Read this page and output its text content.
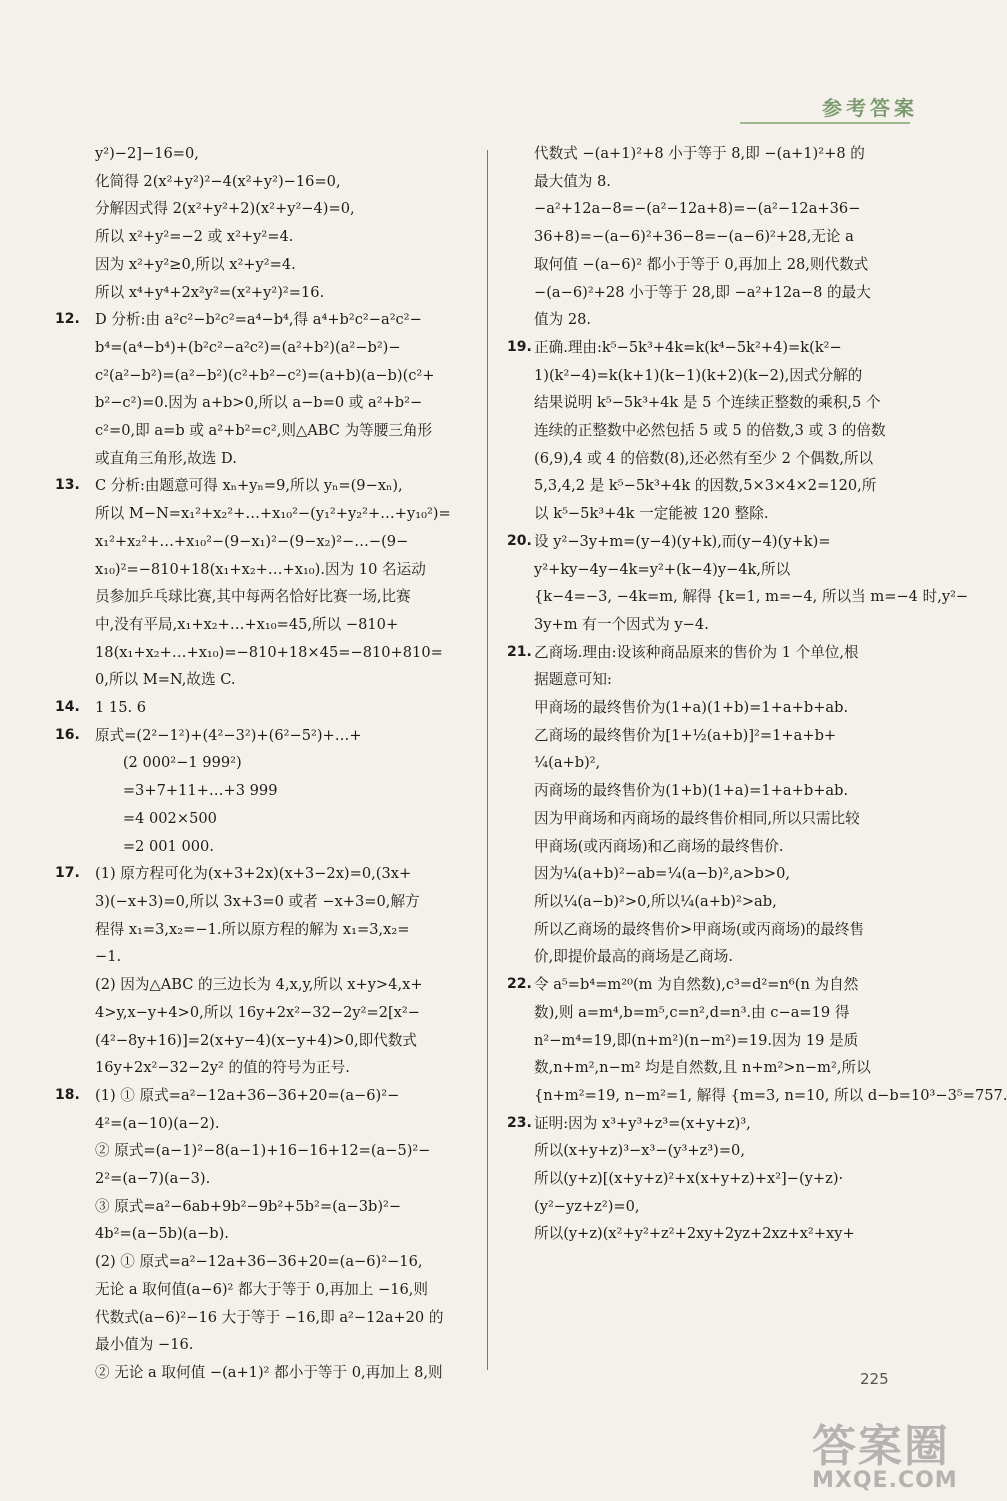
参考答案
y²)−2]−16=0,
化简得 2(x²+y²)²−4(x²+y²)−16=0,
分解因式得 2(x²+y²+2)(x²+y²−4)=0,
所以 x²+y²=−2 或 x²+y²=4.
因为 x²+y²≥0,所以 x²+y²=4.
所以 x⁴+y⁴+2x²y²=(x²+y²)²=16.
12. D 分析:由 a²c²−b²c²=a⁴−b⁴,得 a⁴+b²c²−a²c²−
b⁴=(a⁴−b⁴)+(b²c²−a²c²)=(a²+b²)(a²−b²)−
c²(a²−b²)=(a²−b²)(c²+b²−c²)=(a+b)(a−b)(c²+
b²−c²)=0.因为 a+b>0,所以 a−b=0 或 a²+b²−
c²=0,即 a=b 或 a²+b²=c²,则△ABC 为等腰三角形
或直角三角形,故选 D.
13. C 分析:由题意可得 xₙ+yₙ=9,所以 yₙ=(9−xₙ),
所以 M−N=x₁²+x₂²+…+x₁₀²−(y₁²+y₂²+…+y₁₀²)=
x₁²+x₂²+…+x₁₀²−(9−x₁)²−(9−x₂)²−…−(9−
x₁₀)²=−810+18(x₁+x₂+…+x₁₀).因为 10 名运动
员参加乒乓球比赛,其中每两名恰好比赛一场,比赛
中,没有平局,x₁+x₂+…+x₁₀=45,所以 −810+
18(x₁+x₂+…+x₁₀)=−810+18×45=−810+810=
0,所以 M=N,故选 C.
14. 1 15. 6
16. 原式=(2²−1²)+(4²−3²)+(6²−5²)+…+
(2 000²−1 999²)
=3+7+11+…+3 999
=4 002×500
=2 001 000.
17. (1) 原方程可化为(x+3+2x)(x+3−2x)=0,(3x+
3)(−x+3)=0,所以 3x+3=0 或者 −x+3=0,解方
程得 x₁=3,x₂=−1.所以原方程的解为 x₁=3,x₂=
−1.
(2) 因为△ABC 的三边长为 4,x,y,所以 x+y>4,x+
4>y,x−y+4>0,所以 16y+2x²−32−2y²=2[x²−
(4²−8y+16)]=2(x+y−4)(x−y+4)>0,即代数式
16y+2x²−32−2y² 的值的符号为正号.
18. (1) ① 原式=a²−12a+36−36+20=(a−6)²−
4²=(a−10)(a−2).
② 原式=(a−1)²−8(a−1)+16−16+12=(a−5)²−
2²=(a−7)(a−3).
③ 原式=a²−6ab+9b²−9b²+5b²=(a−3b)²−
4b²=(a−5b)(a−b).
(2) ① 原式=a²−12a+36−36+20=(a−6)²−16,
无论 a 取何值(a−6)² 都大于等于 0,再加上 −16,则
代数式(a−6)²−16 大于等于 −16,即 a²−12a+20 的
最小值为 −16.
② 无论 a 取何值 −(a+1)² 都小于等于 0,再加上 8,则
代数式 −(a+1)²+8 小于等于 8,即 −(a+1)²+8 的
最大值为 8.
−a²+12a−8=−(a²−12a+8)=−(a²−12a+36−
36+8)=−(a−6)²+36−8=−(a−6)²+28,无论 a
取何值 −(a−6)² 都小于等于 0,再加上 28,则代数式
−(a−6)²+28 小于等于 28,即 −a²+12a−8 的最大
值为 28.
19. 正确.理由:k⁵−5k³+4k=k(k⁴−5k²+4)=k(k²−
1)(k²−4)=k(k+1)(k−1)(k+2)(k−2),因式分解的
结果说明 k⁵−5k³+4k 是 5 个连续正整数的乘积,5 个
连续的正整数中必然包括 5 或 5 的倍数,3 或 3 的倍数
(6,9),4 或 4 的倍数(8),还必然有至少 2 个偶数,所以
5,3,4,2 是 k⁵−5k³+4k 的因数,5×3×4×2=120,所
以 k⁵−5k³+4k 一定能被 120 整除.
20. 设 y²−3y+m=(y−4)(y+k),而(y−4)(y+k)=
y²+ky−4y−4k=y²+(k−4)y−4k,所以
{k−4=−3, −4k=m, 解得 {k=1, m=−4, 所以当 m=−4 时,y²−
3y+m 有一个因式为 y−4.
21. 乙商场.理由:设该种商品原来的售价为 1 个单位,根
据题意可知:
甲商场的最终售价为(1+a)(1+b)=1+a+b+ab.
乙商场的最终售价为[1+½(a+b)]²=1+a+b+
¼(a+b)²,
丙商场的最终售价为(1+b)(1+a)=1+a+b+ab.
因为甲商场和丙商场的最终售价相同,所以只需比较
甲商场(或丙商场)和乙商场的最终售价.
因为¼(a+b)²−ab=¼(a−b)²,a>b>0,
所以¼(a−b)²>0,所以¼(a+b)²>ab,
所以乙商场的最终售价>甲商场(或丙商场)的最终售
价,即提价最高的商场是乙商场.
22. 令 a⁵=b⁴=m²⁰(m 为自然数),c³=d²=n⁶(n 为自然
数),则 a=m⁴,b=m⁵,c=n²,d=n³.由 c−a=19 得
n²−m⁴=19,即(n+m²)(n−m²)=19.因为 19 是质
数,n+m²,n−m² 均是自然数,且 n+m²>n−m²,所以
{n+m²=19, n−m²=1, 解得 {m=3, n=10, 所以 d−b=10³−3⁵=757.
23. 证明:因为 x³+y³+z³=(x+y+z)³,
所以(x+y+z)³−x³−(y³+z³)=0,
所以(y+z)[(x+y+z)²+x(x+y+z)+x²]−(y+z)·
(y²−yz+z²)=0,
所以(y+z)(x²+y²+z²+2xy+2yz+2xz+x²+xy+
225
答案圈
MXQE.COM
